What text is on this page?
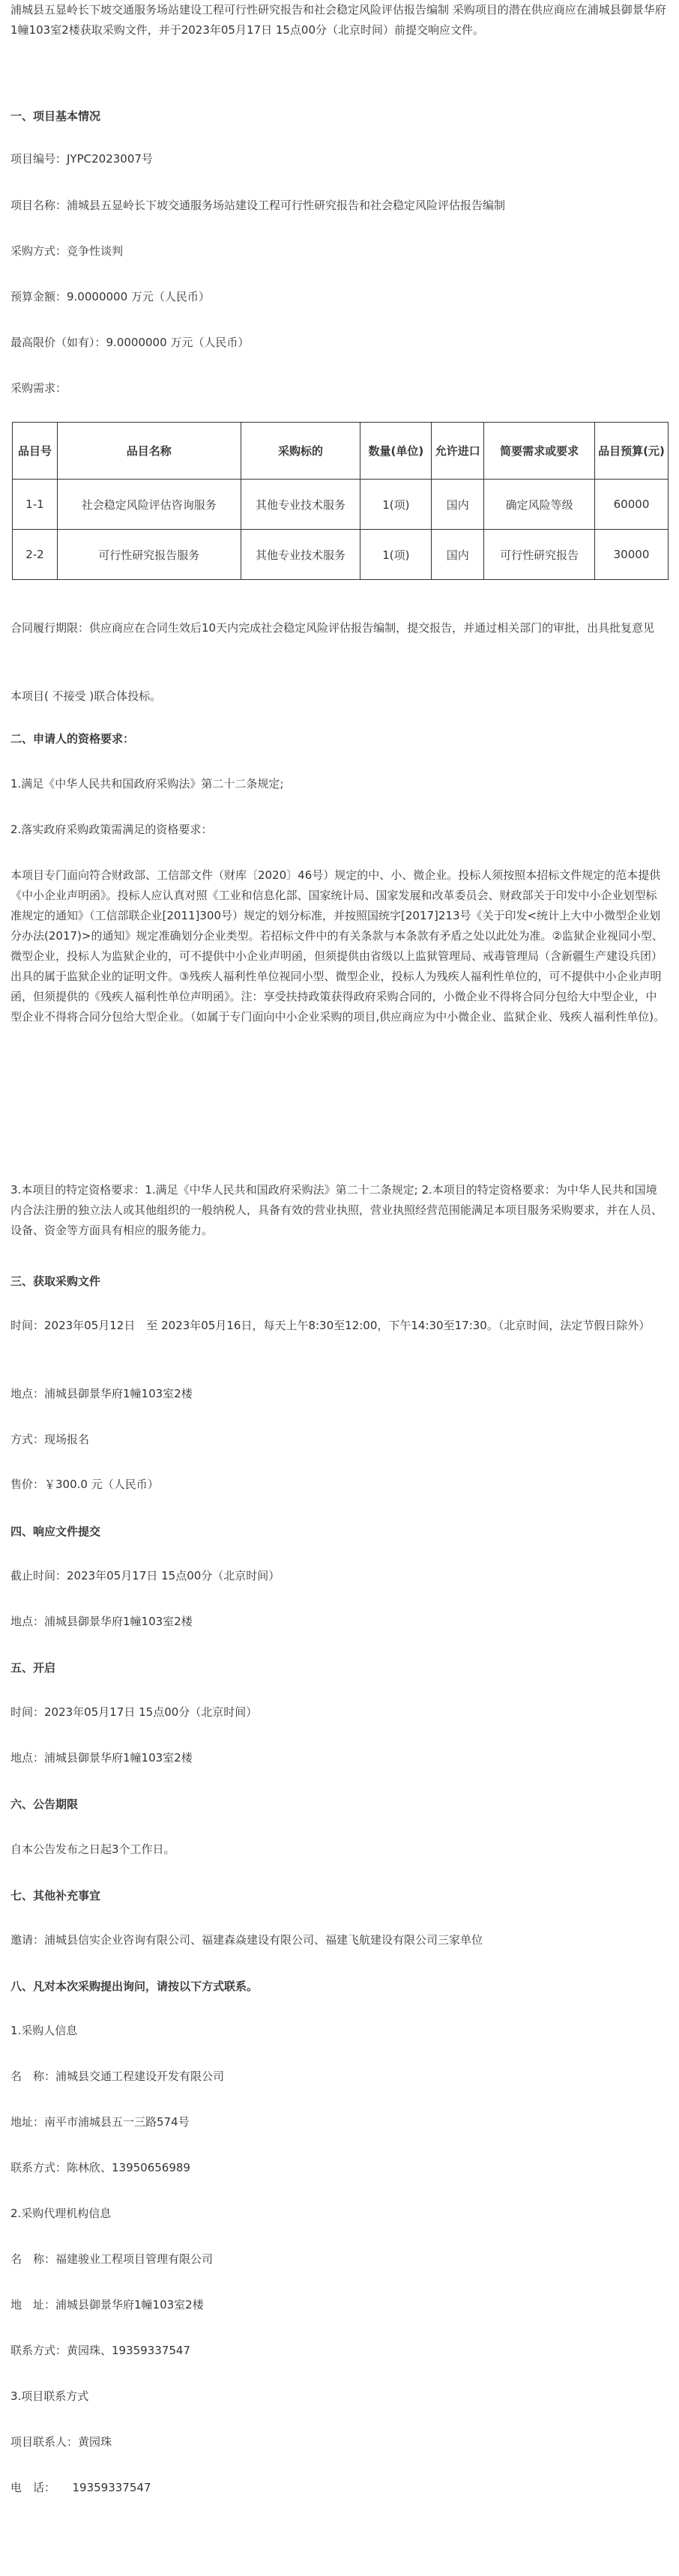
浦城县五显岭长下坡交通服务场站建设工程可行性研究报告和社会稳定风险评估报告编制 采购项目的潜在供应商应在浦城县御景华府1幢103室2楼获取采购文件，并于2023年05月17日 15点00分（北京时间）前提交响应文件。

一、项目基本情况

项目编号：JYPC2023007号

项目名称：浦城县五显岭长下坡交通服务场站建设工程可行性研究报告和社会稳定风险评估报告编制

采购方式：竞争性谈判

预算金额：9.0000000 万元（人民币）

最高限价（如有）：9.0000000 万元（人民币）

采购需求：

品目号	品目名称	采购标的	数量(单位)	允许进口	简要需求或要求	品目预算(元)
1-1	社会稳定风险评估咨询服务	其他专业技术服务	1(项)	国内	确定风险等级	60000
2-2	可行性研究报告服务	其他专业技术服务	1(项)	国内	可行性研究报告	30000

合同履行期限：供应商应在合同生效后10天内完成社会稳定风险评估报告编制，提交报告，并通过相关部门的审批，出具批复意见

本项目( 不接受 )联合体投标。

二、申请人的资格要求：

1.满足《中华人民共和国政府采购法》第二十二条规定;

2.落实政府采购政策需满足的资格要求：

本项目专门面向符合财政部、工信部文件（财库〔2020〕46号）规定的中、小、微企业。投标人须按照本招标文件规定的范本提供《中小企业声明函》。投标人应认真对照《工业和信息化部、国家统计局、国家发展和改革委员会、财政部关于印发中小企业划型标准规定的通知》（工信部联企业[2011]300号）规定的划分标准，并按照国统字[2017]213号《关于印发<统计上大中小微型企业划分办法(2017)>的通知》规定准确划分企业类型。若招标文件中的有关条款与本条款有矛盾之处以此处为准。②监狱企业视同小型、微型企业，投标人为监狱企业的，可不提供中小企业声明函，但须提供由省级以上监狱管理局、戒毒管理局（含新疆生产建设兵团）出具的属于监狱企业的证明文件。③残疾人福利性单位视同小型、微型企业，投标人为残疾人福利性单位的，可不提供中小企业声明函，但须提供的《残疾人福利性单位声明函》。注：享受扶持政策获得政府采购合同的，小微企业不得将合同分包给大中型企业，中型企业不得将合同分包给大型企业。（如属于专门面向中小企业采购的项目,供应商应为中小微企业、监狱企业、残疾人福利性单位)。

3.本项目的特定资格要求：1.满足《中华人民共和国政府采购法》第二十二条规定; 2.本项目的特定资格要求：为中华人民共和国境内合法注册的独立法人或其他组织的一般纳税人，具备有效的营业执照，营业执照经营范围能满足本项目服务采购要求，并在人员、设备、资金等方面具有相应的服务能力。

三、获取采购文件

时间：2023年05月12日　至 2023年05月16日，每天上午8:30至12:00，下午14:30至17:30。（北京时间，法定节假日除外）

地点：浦城县御景华府1幢103室2楼

方式：现场报名

售价：￥300.0 元（人民币）

四、响应文件提交

截止时间：2023年05月17日 15点00分（北京时间）

地点：浦城县御景华府1幢103室2楼

五、开启

时间：2023年05月17日 15点00分（北京时间）

地点：浦城县御景华府1幢103室2楼

六、公告期限

自本公告发布之日起3个工作日。

七、其他补充事宜

邀请：浦城县信实企业咨询有限公司、福建森焱建设有限公司、福建飞航建设有限公司三家单位

八、凡对本次采购提出询问，请按以下方式联系。

1.采购人信息

名　称：浦城县交通工程建设开发有限公司

地址：南平市浦城县五一三路574号

联系方式：陈林欣、13950656989

2.采购代理机构信息

名　称：福建骏业工程项目管理有限公司

地　址：浦城县御景华府1幢103室2楼

联系方式：黄园珠、19359337547

3.项目联系方式

项目联系人：黄园珠

电　话：　　19359337547
